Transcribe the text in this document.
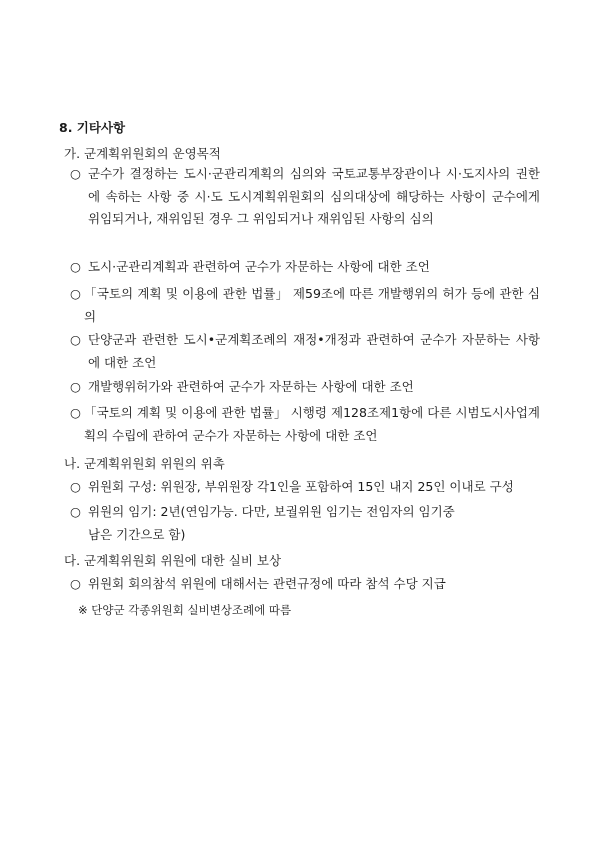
8. 기타사항
가. 군계획위원회의 운영목적
○ 군수가 결정하는 도시·군관리계획의 심의와 국토교통부장관이나 시·도지사의 권한에 속하는 사항 중 시·도 도시계획위원회의 심의대상에 해당하는 사항이 군수에게 위임되거나, 재위임된 경우 그 위임되거나 재위임된 사항의 심의
○ 도시·군관리계획과 관련하여 군수가 자문하는 사항에 대한 조언
○ 「국토의 계획 및 이용에 관한 법률」 제59조에 따른 개발행위의 허가 등에 관한 심의
○ 단양군과 관련한 도시•군계획조례의 재정•개정과 관련하여 군수가 자문하는 사항에 대한 조언
○ 개발행위허가와 관련하여 군수가 자문하는 사항에 대한 조언
○ 「국토의 계획 및 이용에 관한 법률」 시행령 제128조제1항에 다른 시범도시사업계획의 수립에 관하여 군수가 자문하는 사항에 대한 조언
나. 군계획위원회 위원의 위촉
○ 위원회 구성: 위원장, 부위원장 각1인을 포함하여 15인 내지 25인 이내로 구성
○ 위원의 임기: 2년(연임가능. 다만, 보궐위원 임기는 전임자의 임기중
남은 기간으로 함)
다. 군계획위원회 위원에 대한 실비 보상
○ 위원회 회의참석 위원에 대해서는 관련규정에 따라 참석 수당 지급
※ 단양군 각종위원회 실비변상조례에 따름
